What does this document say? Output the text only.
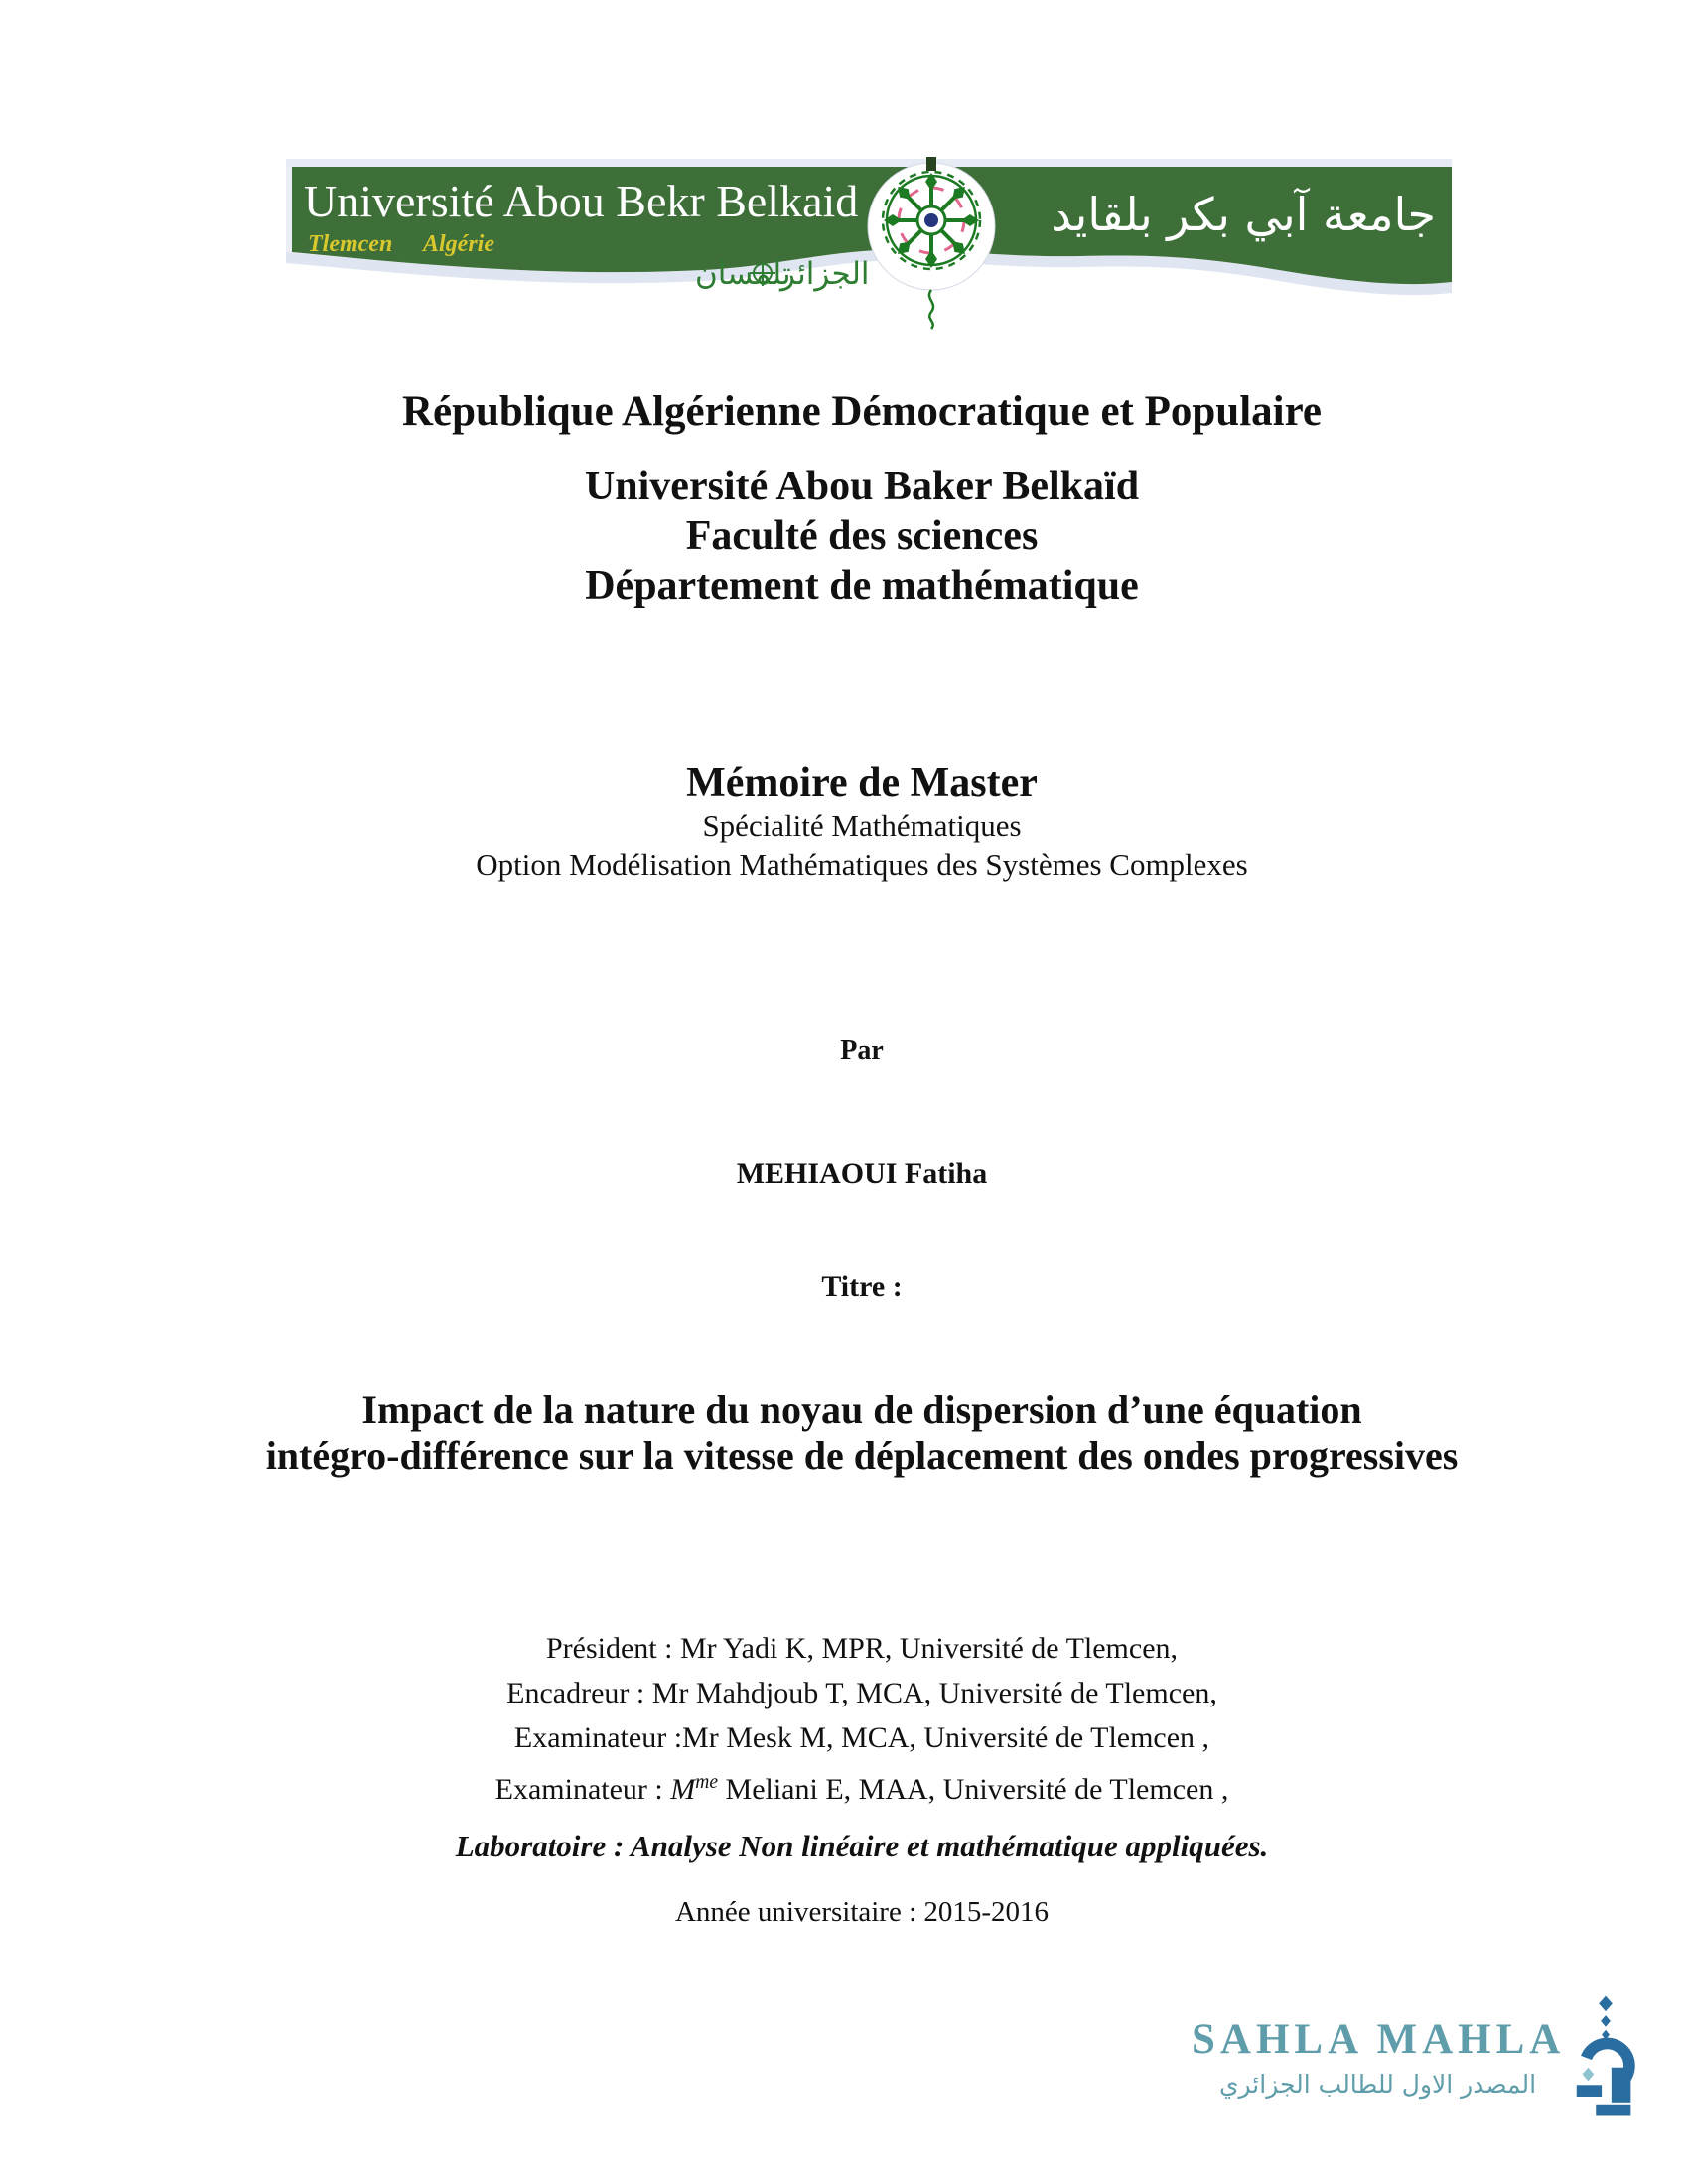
Université Abou Bekr Belkaid
Tlemcen Algérie
جامعة آبي بكر بلقايد
تلمسان
الجزائر
République Algérienne Démocratique et Populaire
Université Abou Baker Belkaïd
Faculté des sciences
Département de mathématique
Mémoire de Master
Spécialité Mathématiques
Option Modélisation Mathématiques des Systèmes Complexes
Par
MEHIAOUI Fatiha
Titre :
Impact de la nature du noyau de dispersion d’une équation
intégro-différence sur la vitesse de déplacement des ondes progressives
Président : Mr Yadi K, MPR, Université de Tlemcen,
Encadreur : Mr Mahdjoub T, MCA, Université de Tlemcen,
Examinateur :Mr Mesk M, MCA, Université de Tlemcen ,
Examinateur : $M^{me}$ Meliani E, MAA, Université de Tlemcen ,
Laboratoire : Analyse Non linéaire et mathématique appliquées.
Année universitaire : 2015-2016
SAHLA MAHLA
المصدر الاول للطالب الجزائري
